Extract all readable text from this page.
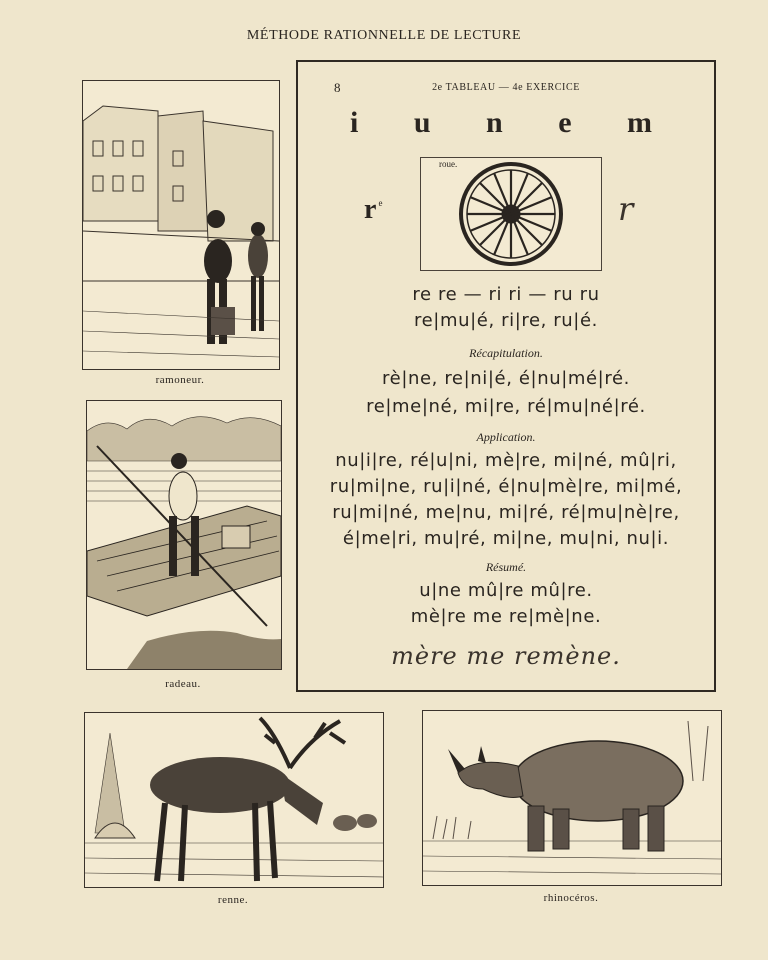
MÉTHODE RATIONNELLE DE LECTURE
ramoneur.
radeau.
8	2e TABLEAU — 4e EXERCICE
i u n e m
r $^e$
roue.
r
re re — ri ri — ru ru
re|mu|é, ri|re, ru|é.
Récapitulation.
rè|ne, re|ni|é, é|nu|mé|ré.
re|me|né, mi|re, ré|mu|né|ré.
Application.
nu|i|re, ré|u|ni, mè|re, mi|né, mû|ri,
ru|mi|ne, ru|i|né, é|nu|mè|re, mi|mé,
ru|mi|né, me|nu, mi|ré, ré|mu|nè|re,
é|me|ri, mu|ré, mi|ne, mu|ni, nu|i.
Résumé.
u|ne mû|re mû|re.
mè|re me re|mè|ne.
mère me remène.
renne.	rhinocéros.
